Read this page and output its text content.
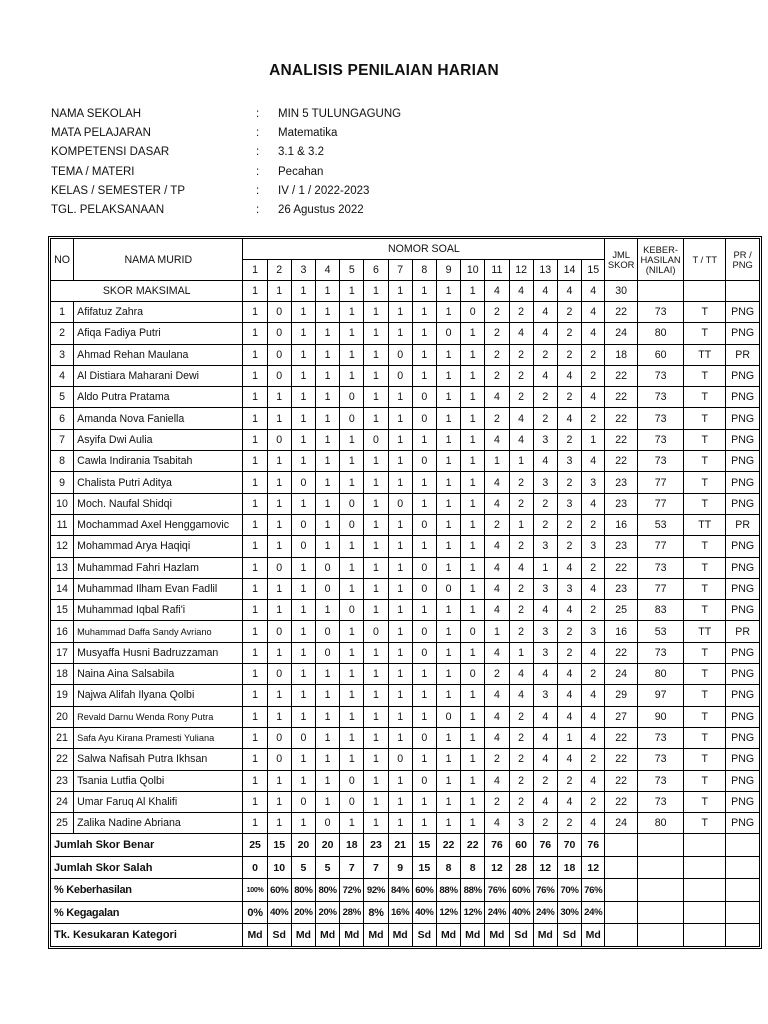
ANALISIS PENILAIAN HARIAN
NAMA SEKOLAH	:	MIN 5 TULUNGAGUNG
MATA PELAJARAN	:	Matematika
KOMPETENSI DASAR	:	3.1 & 3.2
TEMA / MATERI	:	Pecahan
KELAS / SEMESTER / TP	:	IV / 1 / 2022-2023
TGL. PELAKSANAAN	:	26 Agustus 2022
NO	NAMA MURID	NOMOR SOAL															JML SKOR	KEBER-HASILAN (NILAI)	T / TT	PR / PNG
		1	2	3	4	5	6	7	8	9	10	11	12	13	14	15				
SKOR MAKSIMAL		1	1	1	1	1	1	1	1	1	1	4	4	4	4	4	30			
1	Afifatuz Zahra	1	0	1	1	1	1	1	1	1	0	2	2	4	2	4	22	73	T	PNG
2	Afiqa Fadiya Putri	1	0	1	1	1	1	1	1	0	1	2	4	4	2	4	24	80	T	PNG
3	Ahmad Rehan Maulana	1	0	1	1	1	1	0	1	1	1	2	2	2	2	2	18	60	TT	PR
4	Al Distiara Maharani Dewi	1	0	1	1	1	1	0	1	1	1	2	2	4	4	2	22	73	T	PNG
5	Aldo Putra Pratama	1	1	1	1	0	1	1	0	1	1	4	2	2	2	4	22	73	T	PNG
6	Amanda Nova Faniella	1	1	1	1	0	1	1	0	1	1	2	4	2	4	2	22	73	T	PNG
7	Asyifa Dwi Aulia	1	0	1	1	1	0	1	1	1	1	4	4	3	2	1	22	73	T	PNG
8	Cawla Indirania Tsabitah	1	1	1	1	1	1	1	0	1	1	1	1	4	3	4	22	73	T	PNG
9	Chalista Putri Aditya	1	1	0	1	1	1	1	1	1	1	4	2	3	2	3	23	77	T	PNG
10	Moch. Naufal Shidqi	1	1	1	1	0	1	0	1	1	1	4	2	2	3	4	23	77	T	PNG
11	Mochammad Axel Henggamovic	1	1	0	1	0	1	1	0	1	1	2	1	2	2	2	16	53	TT	PR
12	Mohammad Arya Haqiqi	1	1	0	1	1	1	1	1	1	1	4	2	3	2	3	23	77	T	PNG
13	Muhammad Fahri Hazlam	1	0	1	0	1	1	1	0	1	1	4	4	1	4	2	22	73	T	PNG
14	Muhammad Ilham Evan Fadlil	1	1	1	0	1	1	1	0	0	1	4	2	3	3	4	23	77	T	PNG
15	Muhammad Iqbal Rafi'i	1	1	1	1	0	1	1	1	1	1	4	2	4	4	2	25	83	T	PNG
16	Muhammad Daffa Sandy Avriano	1	0	1	0	1	0	1	0	1	0	1	2	3	2	3	16	53	TT	PR
17	Musyaffa Husni Badruzzaman	1	1	1	0	1	1	1	0	1	1	4	1	3	2	4	22	73	T	PNG
18	Naina Aina Salsabila	1	0	1	1	1	1	1	1	1	0	2	4	4	4	2	24	80	T	PNG
19	Najwa Alifah Ilyana Qolbi	1	1	1	1	1	1	1	1	1	1	4	4	3	4	4	29	97	T	PNG
20	Revald Darnu Wenda Rony Putra	1	1	1	1	1	1	1	1	0	1	4	2	4	4	4	27	90	T	PNG
21	Safa Ayu Kirana Pramesti Yuliana	1	0	0	1	1	1	1	0	1	1	4	2	4	1	4	22	73	T	PNG
22	Salwa Nafisah Putra Ikhsan	1	0	1	1	1	1	0	1	1	1	2	2	4	4	2	22	73	T	PNG
23	Tsania Lutfia Qolbi	1	1	1	1	0	1	1	0	1	1	4	2	2	2	4	22	73	T	PNG
24	Umar Faruq Al Khalifi	1	1	0	1	0	1	1	1	1	1	2	2	4	4	2	22	73	T	PNG
25	Zalika Nadine Abriana	1	1	1	0	1	1	1	1	1	1	4	3	2	2	4	24	80	T	PNG
Jumlah Skor Benar		25	15	20	20	18	23	21	15	22	22	76	60	76	70	76				
Jumlah Skor Salah		0	10	5	5	7	7	9	15	8	8	12	28	12	18	12				
% Keberhasilan		100%	60%	80%	80%	72%	92%	84%	60%	88%	88%	76%	60%	76%	70%	76%				
% Kegagalan		0%	40%	20%	20%	28%	8%	16%	40%	12%	12%	24%	40%	24%	30%	24%				
Tk. Kesukaran Kategori		Md	Sd	Md	Md	Md	Md	Md	Sd	Md	Md	Md	Sd	Md	Sd	Md				
